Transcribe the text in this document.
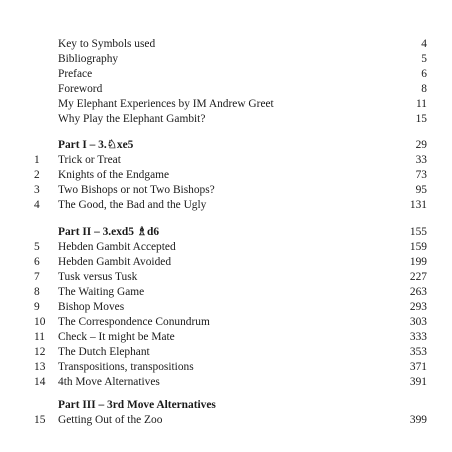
Key to Symbols used	4
Bibliography	5
Preface	6
Foreword	8
My Elephant Experiences by IM Andrew Greet	11
Why Play the Elephant Gambit?	15
Part I – 3.♘xe5	29
1	Trick or Treat	33
2	Knights of the Endgame	73
3	Two Bishops or not Two Bishops?	95
4	The Good, the Bad and the Ugly	131
Part II – 3.exd5 ♗d6	155
5	Hebden Gambit Accepted	159
6	Hebden Gambit Avoided	199
7	Tusk versus Tusk	227
8	The Waiting Game	263
9	Bishop Moves	293
10 The Correspondence Conundrum	303
11 Check – It might be Mate	333
12 The Dutch Elephant	353
13 Transpositions, transpositions	371
14 4th Move Alternatives	391
Part III – 3rd Move Alternatives
15 Getting Out of the Zoo	399
